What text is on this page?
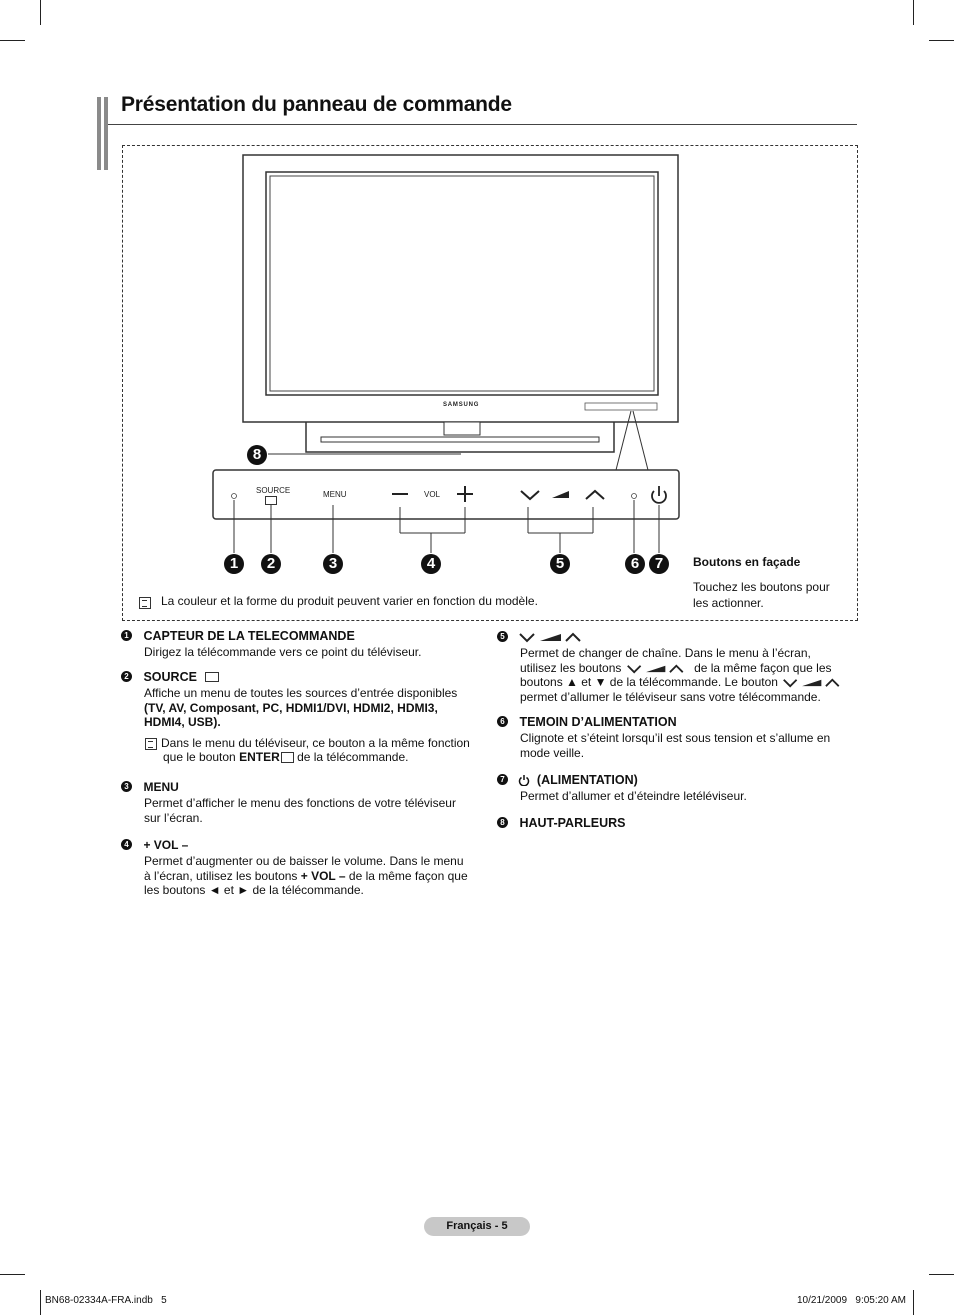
Présentation du panneau de commande
SAMSUNG
SOURCE	MENU	VOL
8
1	2	3	4	5	6	7	Boutons en façade
Touchez les boutons pour
les actionner.
La couleur et la forme du produit peuvent varier en fonction du modèle.
1 CAPTEUR DE LA TELECOMMANDE
Dirigez la télécommande vers ce point du téléviseur.
2 SOURCE
Affiche un menu de toutes les sources d’entrée disponibles
(TV, AV, Composant, PC, HDMI1/DVI, HDMI2, HDMI3,
HDMI4, USB).
Dans le menu du téléviseur, ce bouton a la même fonction
que le bouton ENTER de la télécommande.
3 MENU
Permet d’afficher le menu des fonctions de votre téléviseur
sur l’écran.
4 + VOL –
Permet d’augmenter ou de baisser le volume. Dans le menu
à l’écran, utilisez les boutons + VOL – de la même façon que
les boutons ◄ et ► de la télécommande.
5
Permet de changer de chaîne. Dans le menu à l’écran,
utilisez les boutons	de la même façon que les
boutons ▲ et ▼ de la télécommande. Le bouton
permet d’allumer le téléviseur sans votre télécommande.
6 TEMOIN D’ALIMENTATION
Clignote et s’éteint lorsqu’il est sous tension et s’allume en
mode veille.
7	(ALIMENTATION)
Permet d’allumer et d’éteindre letéléviseur.
8 HAUT-PARLEURS
Français - 5
BN68-02334A-FRA.indb   5	10/21/2009   9:05:20 AM
